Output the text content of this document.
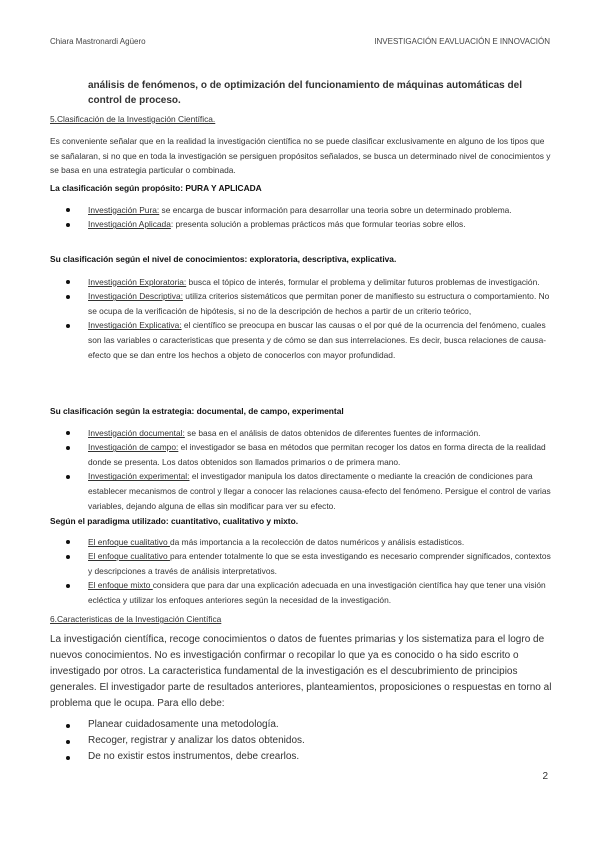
Chiara Mastronardi Agüero	INVESTIGACIÓN EAVLUACIÓN E INNOVACIÓN

análisis de fenómenos, o de optimización del funcionamiento de máquinas automáticas del control de proceso.

5.Clasificación de la Investigación Científica.

Es conveniente señalar que en la realidad la investigación científica no se puede clasificar exclusivamente en alguno de los tipos que se sañalaran, si no que en toda la investigación se persiguen propósitos señalados, se busca un determinado nivel de conocimientos y se basa en una estrategia particular o combinada.

La clasificación según propósito: PURA Y APLICADA
Investigación Pura: se encarga de buscar información para desarrollar una teoria sobre un determinado problema.
Investigación Aplicada: presenta solución a problemas prácticos más que formular teorias sobre ellos.
Su clasificación según el nivel de conocimientos: exploratoria, descriptiva, explicativa.
Investigación Exploratoria: busca el tópico de interés, formular el problema y delimitar futuros problemas de investigación.
Investigación Descriptiva: utiliza criterios sistemáticos que permitan poner de manifiesto su estructura o comportamiento. No se ocupa de la verificación de hipótesis, si no de la descripción de hechos a partir de un criterio teórico,
Investigación Explicativa: el científico se preocupa en buscar las causas o el por qué de la ocurrencia del fenómeno, cuales son las variables o caracteristicas que presenta y de cómo se dan sus interrelaciones. Es decir, busca relaciones de causa-efecto que se dan entre los hechos a objeto de conocerlos con mayor profundidad.
Su clasificación según la estrategia: documental, de campo, experimental
Investigación documental: se basa en el análisis de datos obtenidos de diferentes fuentes de información.
Investigación de campo: el investigador se basa en métodos que permitan recoger los datos en forma directa de la realidad donde se presenta. Los datos obtenidos son llamados primarios o de primera mano.
Investigación experimental: el investigador manipula los datos directamente o mediante la creación de condiciones para establecer mecanismos de control y llegar a conocer las relaciones causa-efecto del fenómeno. Persigue el control de varias variables, dejando alguna de ellas sin modificar para ver su efecto.
Según el paradigma utilizado: cuantitativo, cualitativo y mixto.
El enfoque cualitativo da más importancia a la recolección de datos numéricos y análisis estadisticos.
El enfoque cualitativo para entender totalmente lo que se esta investigando es necesario comprender significados, contextos y descripciones a través de análisis interpretativos.
El enfoque mixto considera que para dar una explicación adecuada en una investigación científica hay que tener una visión ecléctica y utilizar los enfoques anteriores según la necesidad de la investigación.

6.Caracteristicas de la Investigación Científica

La investigación científica, recoge conocimientos o datos de fuentes primarias y los sistematiza para el logro de nuevos conocimientos. No es investigación confirmar o recopilar lo que ya es conocido o ha sido escrito o investigado por otros. La caracteristica fundamental de la investigación es el descubrimiento de principios generales. El investigador parte de resultados anteriores, planteamientos, proposiciones o respuestas en torno al problema que le ocupa. Para ello debe:

Planear cuidadosamente una metodología.
Recoger, registrar y analizar los datos obtenidos.
De no existir estos instrumentos, debe crearlos.
2
